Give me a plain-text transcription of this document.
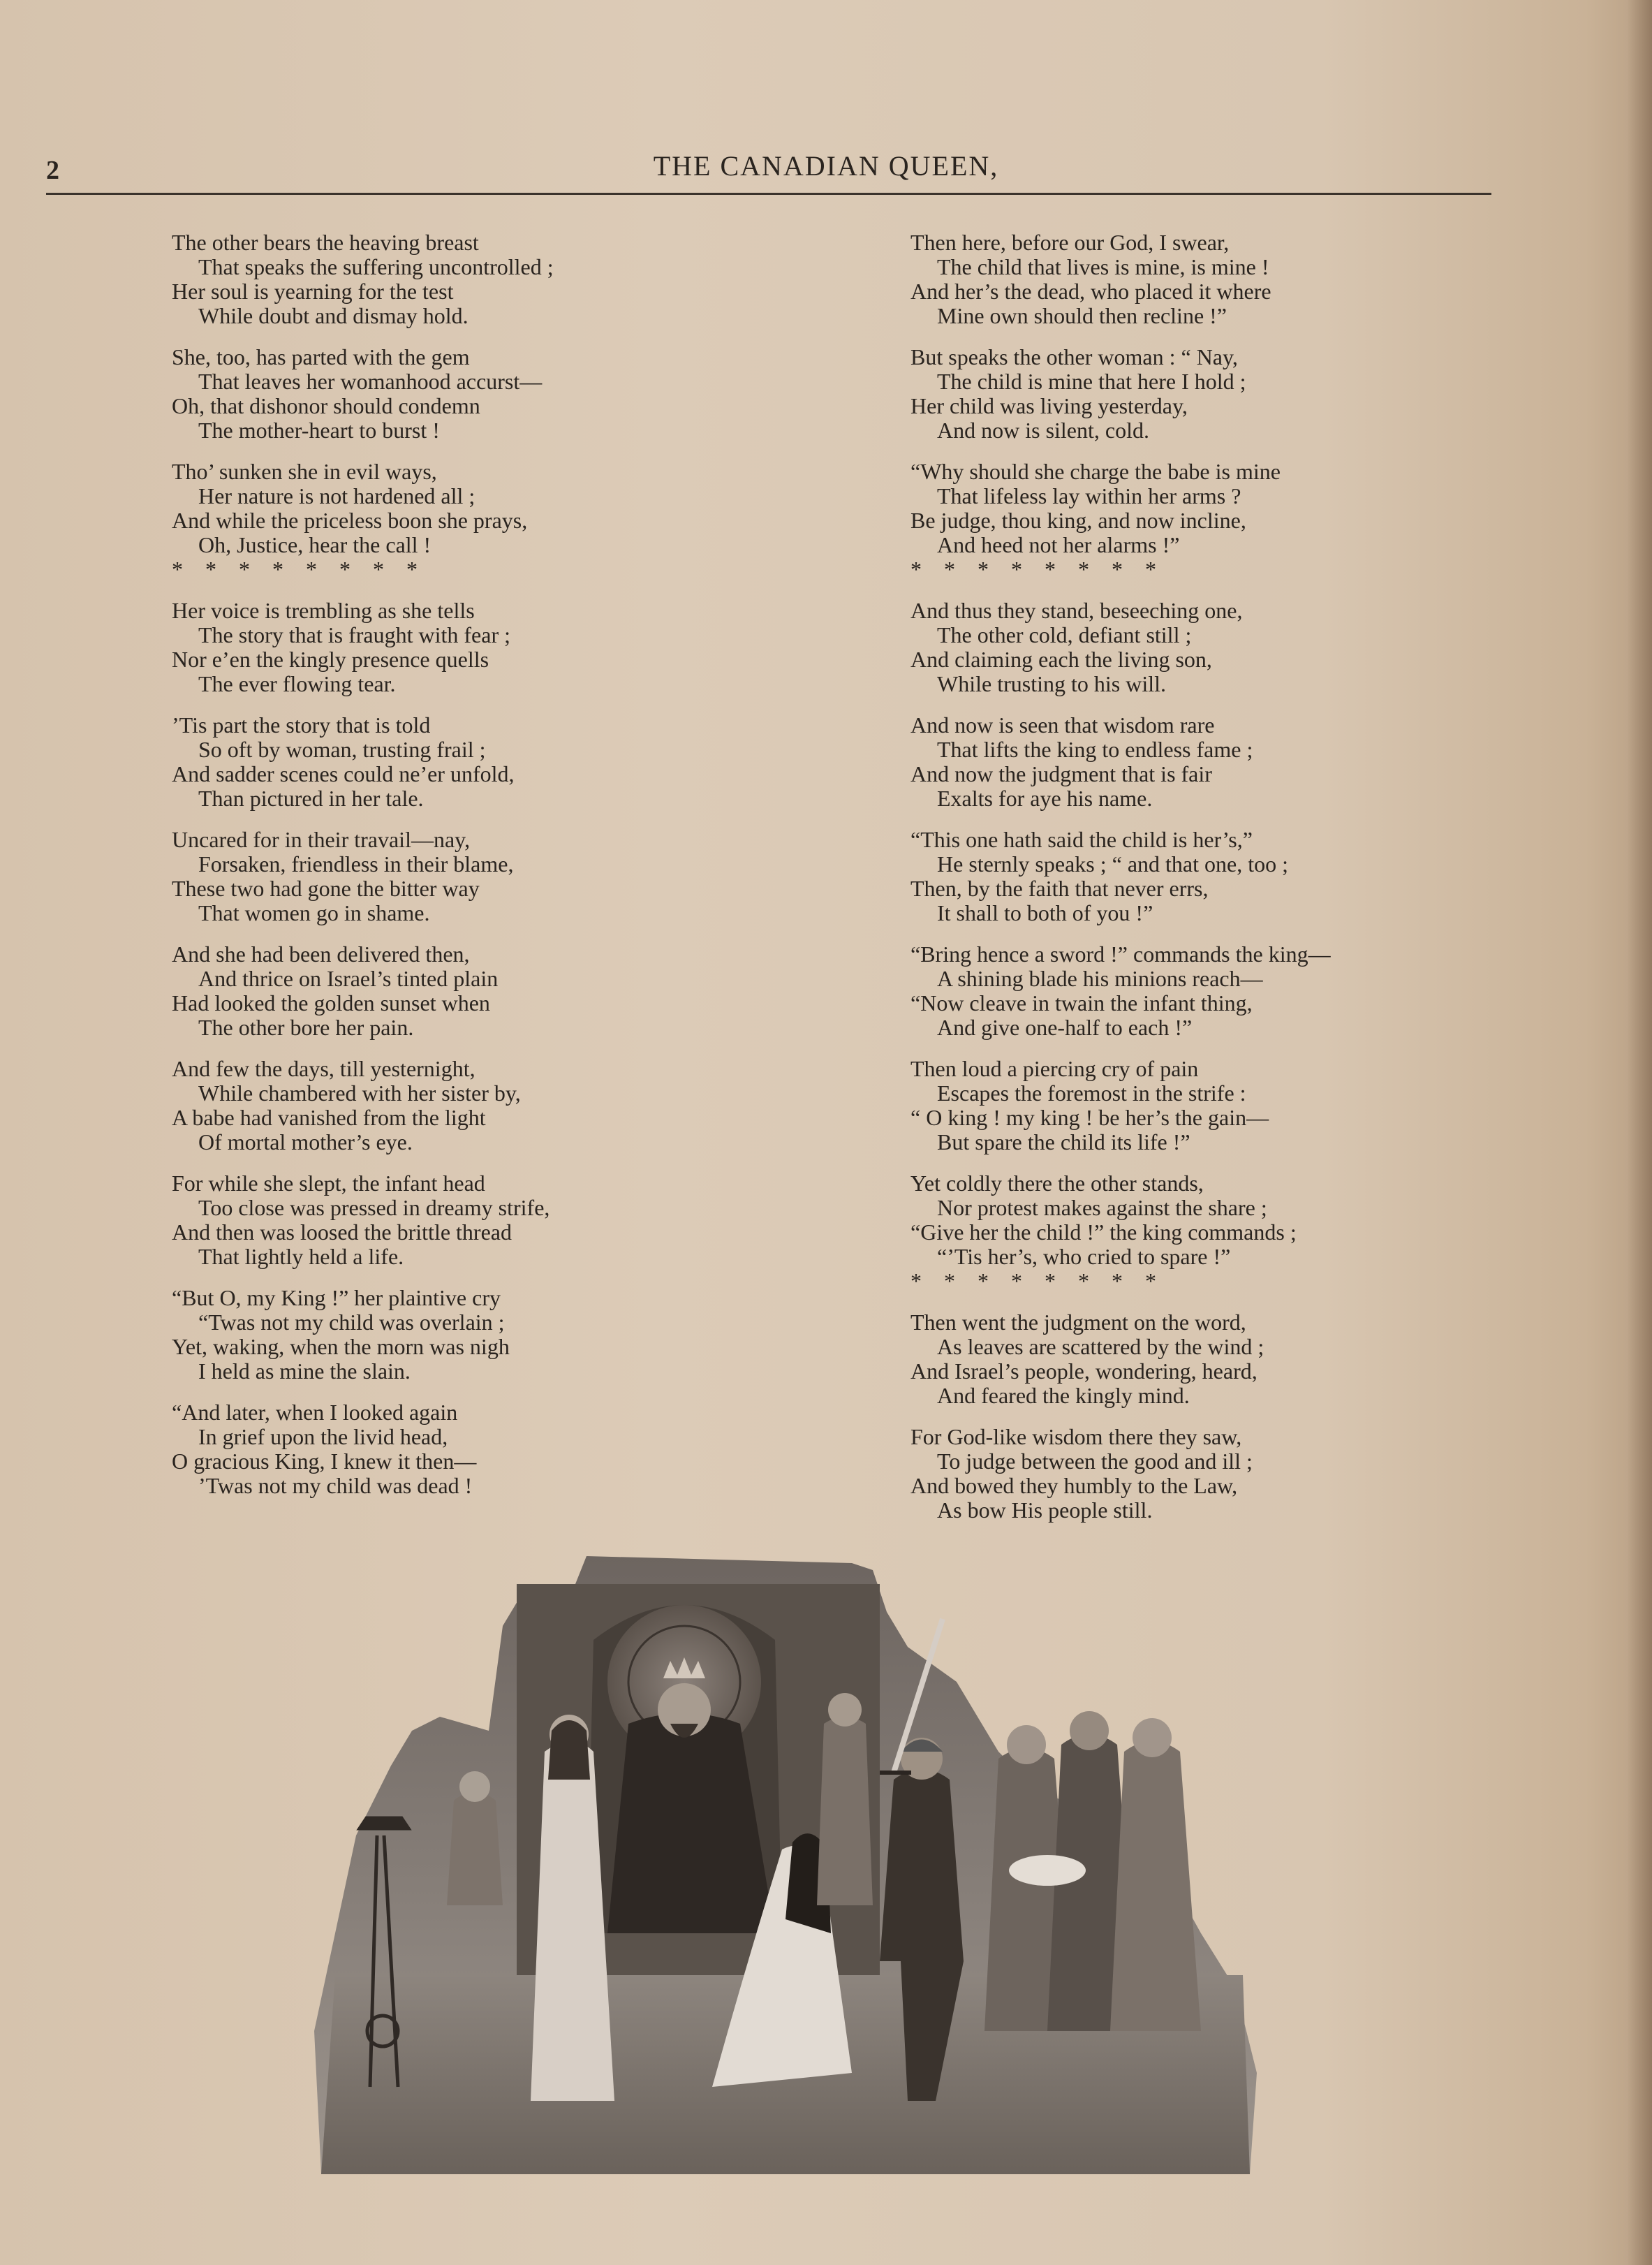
2	THE CANADIAN QUEEN,
The other bears the heaving breast
That speaks the suffering uncontrolled ;
Her soul is yearning for the test
While doubt and dismay hold.
She, too, has parted with the gem
That leaves her womanhood accurst—
Oh, that dishonor should condemn
The mother-heart to burst !
Tho’ sunken she in evil ways,
Her nature is not hardened all ;
And while the priceless boon she prays,
Oh, Justice, hear the call !
*    *    *    *    *    *    *    *
Her voice is trembling as she tells
The story that is fraught with fear ;
Nor e’en the kingly presence quells
The ever flowing tear.
’Tis part the story that is told
So oft by woman, trusting frail ;
And sadder scenes could ne’er unfold,
Than pictured in her tale.
Uncared for in their travail—nay,
Forsaken, friendless in their blame,
These two had gone the bitter way
That women go in shame.
And she had been delivered then,
And thrice on Israel’s tinted plain
Had looked the golden sunset when
The other bore her pain.
And few the days, till yesternight,
While chambered with her sister by,
A babe had vanished from the light
Of mortal mother’s eye.
For while she slept, the infant head
Too close was pressed in dreamy strife,
And then was loosed the brittle thread
That lightly held a life.
“But O, my King !” her plaintive cry
“Twas not my child was overlain ;
Yet, waking, when the morn was nigh
I held as mine the slain.
“And later, when I looked again
In grief upon the livid head,
O gracious King, I knew it then—
’Twas not my child was dead !
Then here, before our God, I swear,
The child that lives is mine, is mine !
And her’s the dead, who placed it where
Mine own should then recline !”
But speaks the other woman : “ Nay,
The child is mine that here I hold ;
Her child was living yesterday,
And now is silent, cold.
“Why should she charge the babe is mine
That lifeless lay within her arms ?
Be judge, thou king, and now incline,
And heed not her alarms !”
*    *    *    *    *    *    *    *
And thus they stand, beseeching one,
The other cold, defiant still ;
And claiming each the living son,
While trusting to his will.
And now is seen that wisdom rare
That lifts the king to endless fame ;
And now the judgment that is fair
Exalts for aye his name.
“This one hath said the child is her’s,”
He sternly speaks ; “ and that one, too ;
Then, by the faith that never errs,
It shall to both of you !”
“Bring hence a sword !” commands the king—
A shining blade his minions reach—
“Now cleave in twain the infant thing,
And give one-half to each !”
Then loud a piercing cry of pain
Escapes the foremost in the strife :
“ O king ! my king ! be her’s the gain—
But spare the child its life !”
Yet coldly there the other stands,
Nor protest makes against the share ;
“Give her the child !” the king commands ;
“’Tis her’s, who cried to spare !”
*    *    *    *    *    *    *    *
Then went the judgment on the word,
As leaves are scattered by the wind ;
And Israel’s people, wondering, heard,
And feared the kingly mind.
For God-like wisdom there they saw,
To judge between the good and ill ;
And bowed they humbly to the Law,
As bow His people still.
